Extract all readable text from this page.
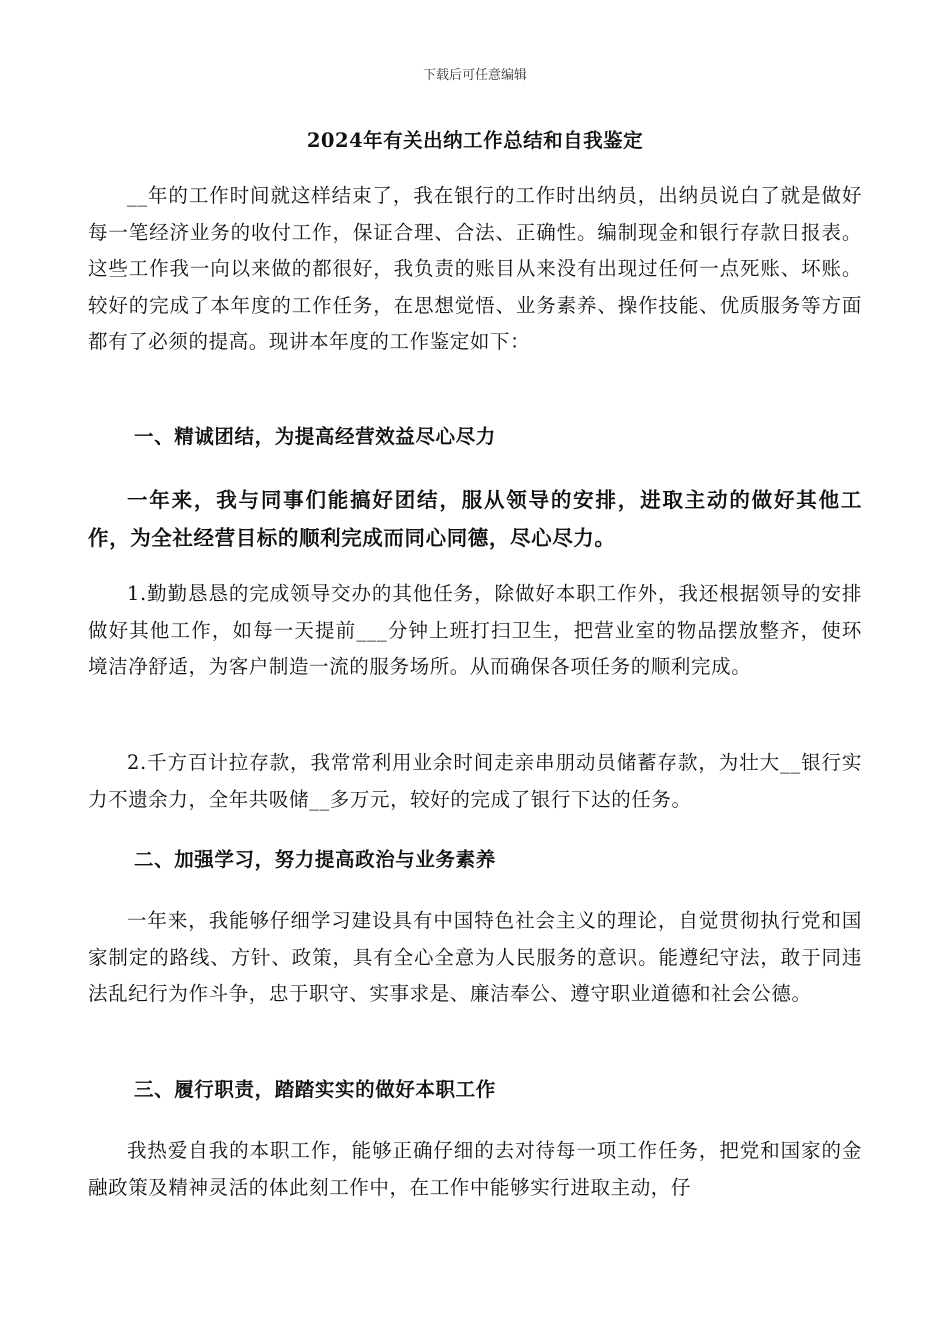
下载后可任意编辑
2024年有关出纳工作总结和自我鉴定

__年的工作时间就这样结束了，我在银行的工作时出纳员，出纳员说白了就是做好每一笔经济业务的收付工作，保证合理、合法、正确性。编制现金和银行存款日报表。这些工作我一向以来做的都很好，我负责的账目从来没有出现过任何一点死账、坏账。较好的完成了本年度的工作任务，在思想觉悟、业务素养、操作技能、优质服务等方面都有了必须的提高。现讲本年度的工作鉴定如下：

一、精诚团结，为提高经营效益尽心尽力

一年来，我与同事们能搞好团结，服从领导的安排，进取主动的做好其他工作，为全社经营目标的顺利完成而同心同德，尽心尽力。

1.勤勤恳恳的完成领导交办的其他任务，除做好本职工作外，我还根据领导的安排做好其他工作，如每一天提前___分钟上班打扫卫生，把营业室的物品摆放整齐，使环境洁净舒适，为客户制造一流的服务场所。从而确保各项任务的顺利完成。

2.千方百计拉存款，我常常利用业余时间走亲串朋动员储蓄存款，为壮大__银行实力不遗余力，全年共吸储__多万元，较好的完成了银行下达的任务。

二、加强学习，努力提高政治与业务素养

一年来，我能够仔细学习建设具有中国特色社会主义的理论，自觉贯彻执行党和国家制定的路线、方针、政策，具有全心全意为人民服务的意识。能遵纪守法，敢于同违法乱纪行为作斗争，忠于职守、实事求是、廉洁奉公、遵守职业道德和社会公德。

三、履行职责，踏踏实实的做好本职工作

我热爱自我的本职工作，能够正确仔细的去对待每一项工作任务，把党和国家的金融政策及精神灵活的体此刻工作中，在工作中能够实行进取主动，仔
